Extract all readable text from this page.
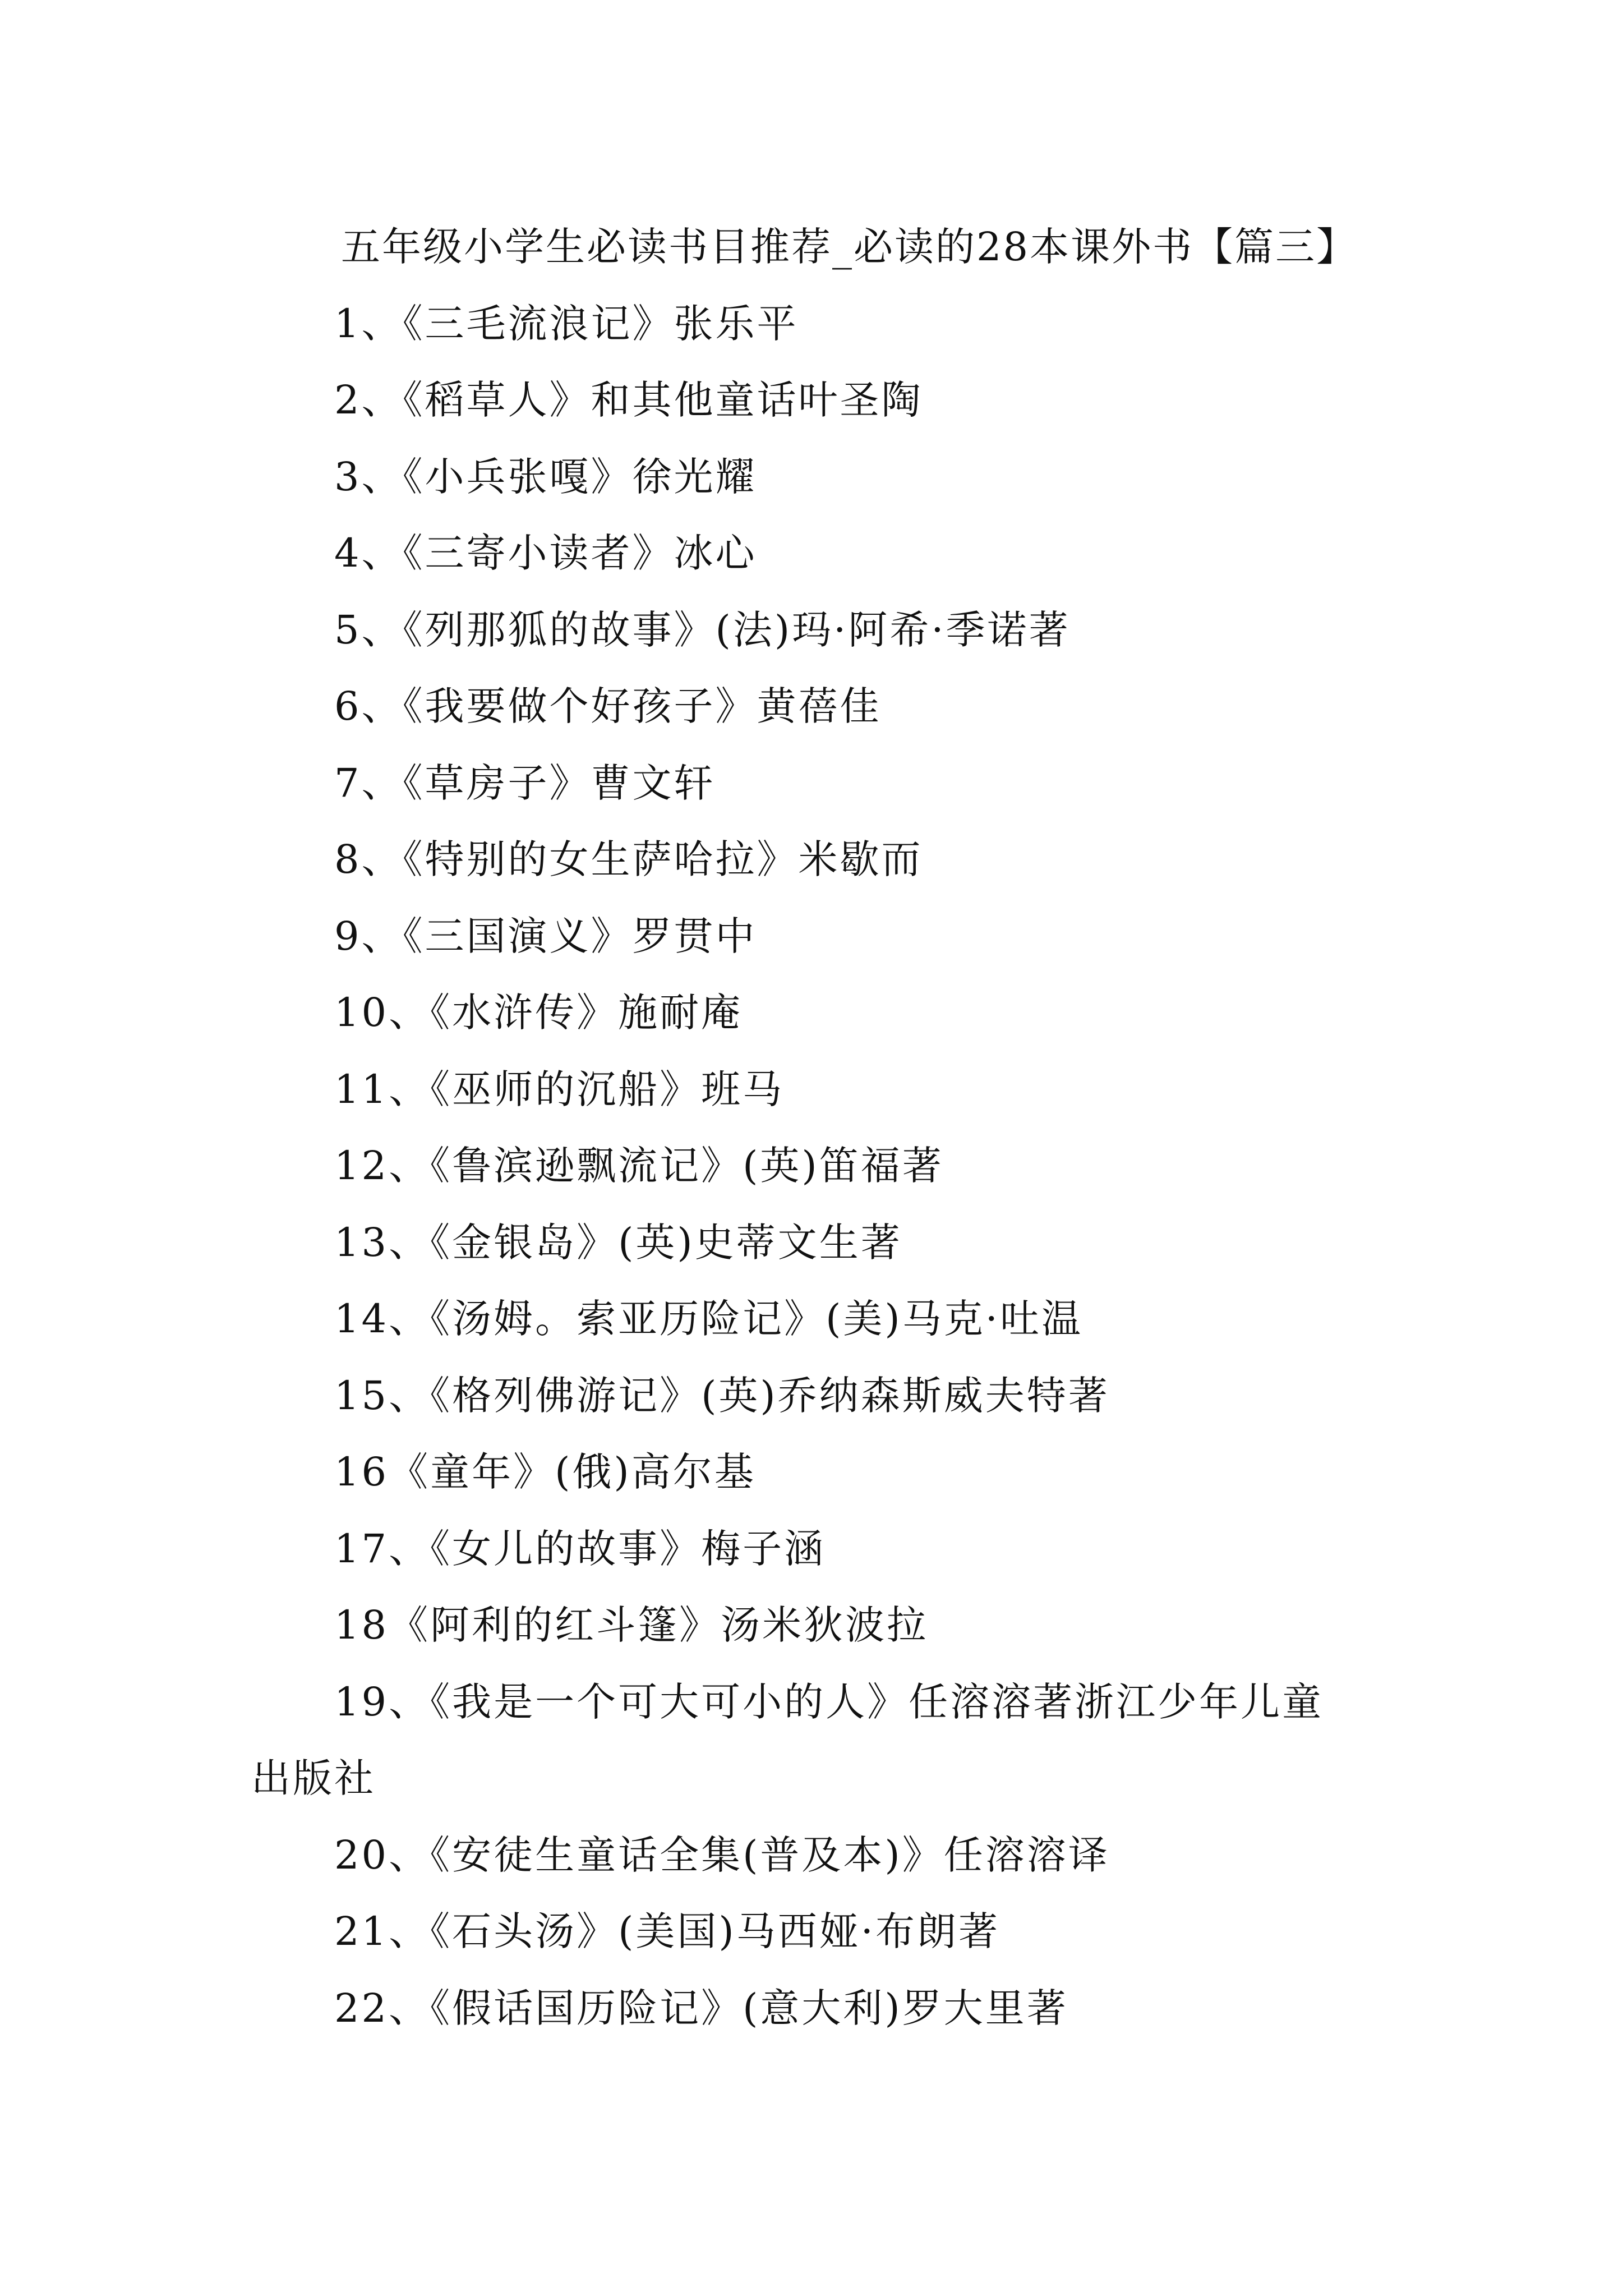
五年级小学生必读书目推荐_必读的28本课外书【篇三】
1、《三毛流浪记》张乐平
2、《稻草人》和其他童话叶圣陶
3、《小兵张嘎》徐光耀
4、《三寄小读者》冰心
5、《列那狐的故事》(法)玛·阿希·季诺著
6、《我要做个好孩子》黄蓓佳
7、《草房子》曹文轩
8、《特别的女生萨哈拉》米歇而
9、《三国演义》罗贯中
10、《水浒传》施耐庵
11、《巫师的沉船》班马
12、《鲁滨逊飘流记》(英)笛福著
13、《金银岛》(英)史蒂文生著
14、《汤姆。索亚历险记》(美)马克·吐温
15、《格列佛游记》(英)乔纳森斯威夫特著
16《童年》(俄)高尔基
17、《女儿的故事》梅子涵
18《阿利的红斗篷》汤米狄波拉
19、《我是一个可大可小的人》任溶溶著浙江少年儿童
出版社
20、《安徒生童话全集(普及本)》任溶溶译
21、《石头汤》(美国)马西娅·布朗著
22、《假话国历险记》(意大利)罗大里著
